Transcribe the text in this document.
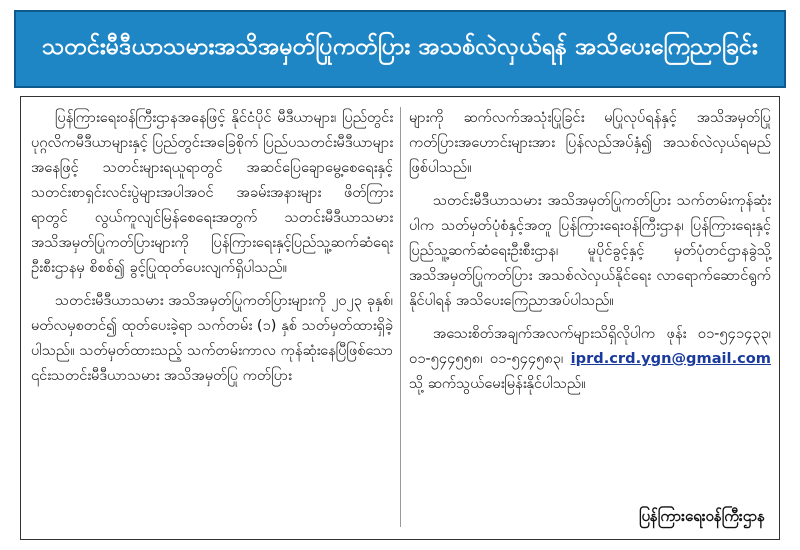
သတင်းမီဒီယာသမားအသိအမှတ်ပြုကတ်ပြား အသစ်လဲလှယ်ရန် အသိပေးကြေညာခြင်း

ပြန်ကြားရေးဝန်ကြီးဌာနအနေဖြင့် နိုင်ငံပိုင် မီဒီယာများ၊ ပြည်တွင်းပုဂ္ဂလိကမီဒီယာများနှင့် ပြည်တွင်းအခြေစိုက် ပြည်ပသတင်းမီဒီယာများအနေဖြင့် သတင်းများရယူရာတွင် အဆင်ပြေချောမွေ့စေရေးနှင့် သတင်းစာရှင်းလင်းပွဲများအပါအဝင် အခမ်းအနားများ ဖိတ်ကြားရာတွင် လွယ်ကူလျင်မြန်စေရေးအတွက် သတင်းမီဒီယာသမား အသိအမှတ်ပြုကတ်ပြားများကို ပြန်ကြားရေးနှင့်ပြည်သူ့ဆက်ဆံရေးဦးစီးဌာနမှ စိစစ်၍ ခွင့်ပြုထုတ်ပေးလျက်ရှိပါသည်။

သတင်းမီဒီယာသမား အသိအမှတ်ပြုကတ်ပြားများကို ၂၀၂၃ ခုနှစ်၊ မတ်လမှစတင်၍ ထုတ်ပေးခဲ့ရာ သက်တမ်း (၁) နှစ် သတ်မှတ်ထားရှိခဲ့ပါသည်။ သတ်မှတ်ထားသည့် သက်တမ်းကာလ ကုန်ဆုံးနေပြီဖြစ်သော ၎င်းသတင်းမီဒီယာသမား အသိအမှတ်ပြု ကတ်ပြား

များကို ဆက်လက်အသုံးပြုခြင်း မပြုလုပ်ရန်နှင့် အသိအမှတ်ပြုကတ်ပြားအဟောင်းများအား ပြန်လည်အပ်နှံ၍ အသစ်လဲလှယ်ရမည်ဖြစ်ပါသည်။

သတင်းမီဒီယာသမား အသိအမှတ်ပြုကတ်ပြား သက်တမ်းကုန်ဆုံးပါက သတ်မှတ်ပုံစံနှင့်အတူ ပြန်ကြားရေးဝန်ကြီးဌာန၊ ပြန်ကြားရေးနှင့်ပြည်သူ့ဆက်ဆံရေးဦးစီးဌာန၊ မူပိုင်ခွင့်နှင့် မှတ်ပုံတင်ဌာနခွဲသို့ အသိအမှတ်ပြုကတ်ပြား အသစ်လဲလှယ်နိုင်ရေး လာရောက်ဆောင်ရွက်နိုင်ပါရန် အသိပေးကြေညာအပ်ပါသည်။

အသေးစိတ်အချက်အလက်များသိရှိလိုပါက ဖုန်း ၀၁-၅၄၁၄၃၃၊ ၀၁-၅၄၄၅၅၈၊ ၀၁-၅၄၄၅၈၃၊ iprd.crd.ygn@gmail.com သို့ ဆက်သွယ်မေးမြန်းနိုင်ပါသည်။

ပြန်ကြားရေးဝန်ကြီးဌာန
